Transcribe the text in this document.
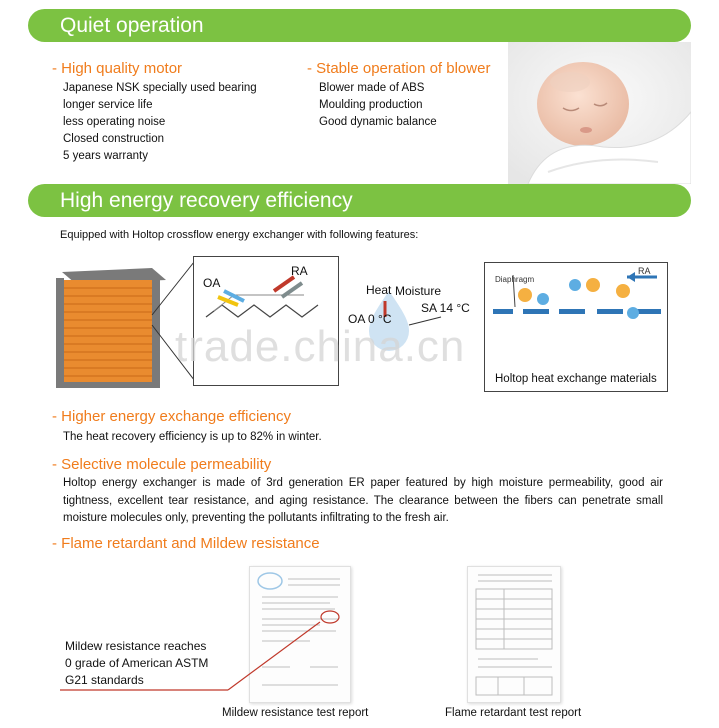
Quiet operation
- High quality motor
Japanese NSK specially used bearing
longer service life
less operating noise
Closed construction
5 years warranty
- Stable operation of blower
Blower made of ABS
Moulding production
Good dynamic balance
High energy recovery efficiency
Equipped with Holtop crossflow energy exchanger with following features:
OA
RA
Heat Moisture
OA 0 °C
SA 14 °C
Diaphragm
RA
Holtop heat exchange materials
trade.china.cn
- Higher energy exchange efficiency
The heat recovery efficiency is up to 82% in winter.
- Selective molecule permeability
Holtop energy exchanger is made of 3rd generation ER paper featured by high moisture permeability, good air tightness, excellent tear resistance, and aging resistance. The clearance between the fibers can penetrate small moisture molecules only, preventing the pollutants infiltrating to the fresh air.
- Flame retardant and Mildew resistance
Mildew resistance reaches
0 grade of American ASTM
G21 standards
Mildew resistance test report	Flame retardant test report
